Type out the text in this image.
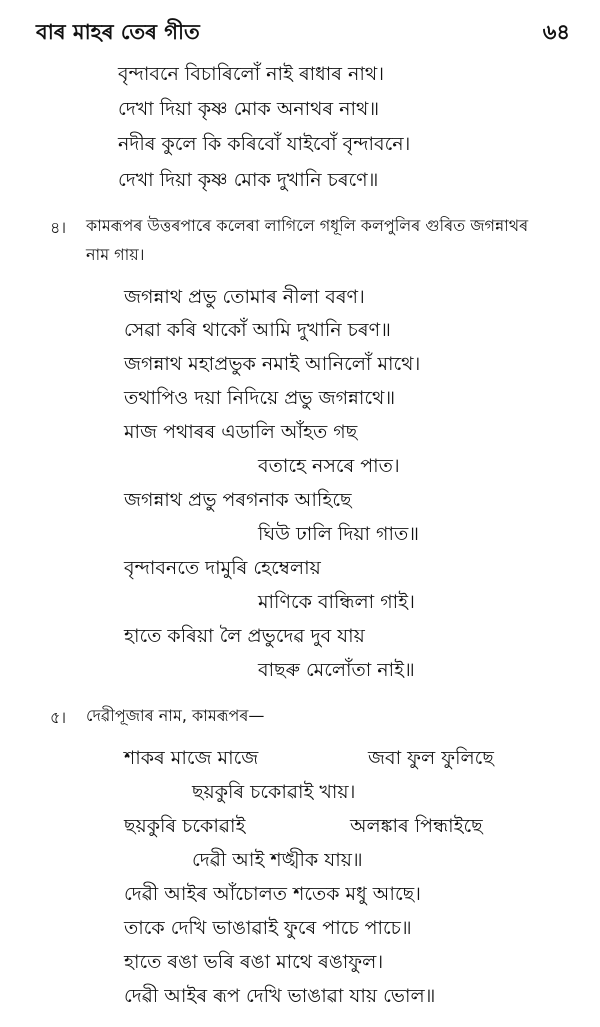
বাৰ মাহৰ তেৰ গীত	৬৪
বৃন্দাবনে বিচাৰিলোঁ নাই ৰাধাৰ নাথ।
দেখা দিয়া কৃষ্ণ মোক অনাথৰ নাথ॥
নদীৰ কুলে কি কৰিবোঁ যাইবোঁ বৃন্দাবনে।
দেখা দিয়া কৃষ্ণ মোক দুখানি চৰণে॥
৪। কামৰূপৰ উত্তৰপাৰে কলেৰা লাগিলে গধূলি কলপুলিৰ গুৰিত জগন্নাথৰ
নাম গায়।
জগন্নাথ প্ৰভু তোমাৰ নীলা বৰণ।
সেৱা কৰি থাকোঁ আমি দুখানি চৰণ॥
জগন্নাথ মহাপ্ৰভুক নমাই আনিলোঁ মাথে।
তথাপিও দয়া নিদিয়ে প্ৰভু জগন্নাথে॥
মাজ পথাৰৰ এডালি আঁহত গছ
বতাহে নসৰে পাত।
জগন্নাথ প্ৰভু পৰগনাক আহিছে
ঘিউ ঢালি দিয়া গাত॥
বৃন্দাবনতে দামুৰি হেম্বেলায়
মাণিকে বান্ধিলা গাই।
হাতে কৰিয়া লৈ প্ৰভুদেৱ দুব যায়
বাছৰু মেলোঁতা নাই॥
৫। দেৱীপূজাৰ নাম, কামৰূপৰ—
শাকৰ মাজে মাজে	জবা ফুল ফুলিছে
ছয়কুৰি চকোৱাই খায়।
ছয়কুৰি চকোৱাই	অলঙ্কাৰ পিন্ধাইছে
দেৱী আই শঙ্খীক যায়॥
দেৱী আইৰ আঁচোলত শতেক মধু আছে।
তাকে দেখি ভাঙাৱাই ফুৰে পাচে পাচে॥
হাতে ৰঙা ভৰি ৰঙা মাথে ৰঙাফুল।
দেৱী আইৰ ৰূপ দেখি ভাঙাৱা যায় ভোল॥
